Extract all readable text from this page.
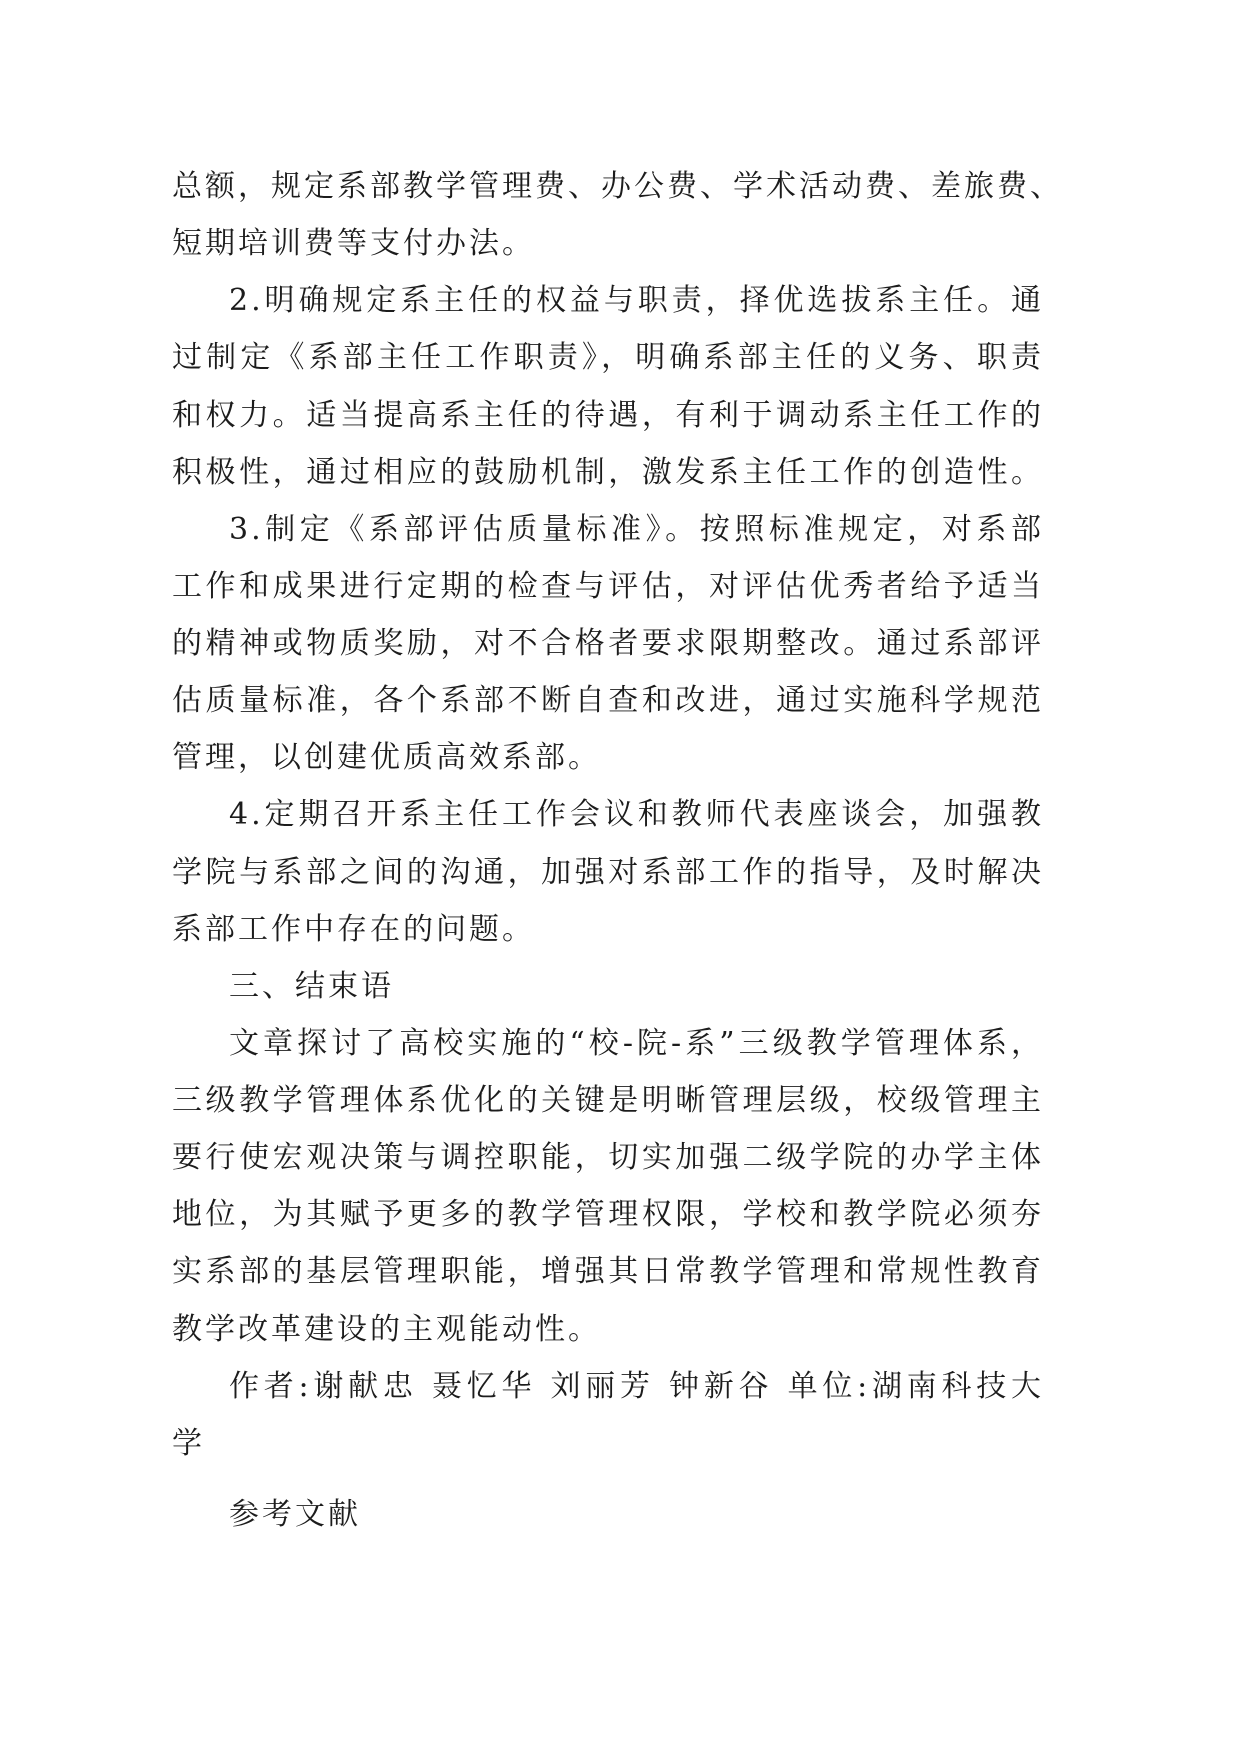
总额，规定系部教学管理费、办公费、学术活动费、差旅费、
短期培训费等支付办法。
2.明确规定系主任的权益与职责，择优选拔系主任。通
过制定《系部主任工作职责》，明确系部主任的义务、职责
和权力。适当提高系主任的待遇，有利于调动系主任工作的
积极性，通过相应的鼓励机制，激发系主任工作的创造性。
3.制定《系部评估质量标准》。按照标准规定，对系部
工作和成果进行定期的检查与评估，对评估优秀者给予适当
的精神或物质奖励，对不合格者要求限期整改。通过系部评
估质量标准，各个系部不断自查和改进，通过实施科学规范
管理，以创建优质高效系部。
4.定期召开系主任工作会议和教师代表座谈会，加强教
学院与系部之间的沟通，加强对系部工作的指导，及时解决
系部工作中存在的问题。
三、结束语
文章探讨了高校实施的“校-院-系”三级教学管理体系，
三级教学管理体系优化的关键是明晰管理层级，校级管理主
要行使宏观决策与调控职能，切实加强二级学院的办学主体
地位，为其赋予更多的教学管理权限，学校和教学院必须夯
实系部的基层管理职能，增强其日常教学管理和常规性教育
教学改革建设的主观能动性。
作者:谢献忠 聂忆华 刘丽芳 钟新谷 单位:湖南科技大
学
参考文献
